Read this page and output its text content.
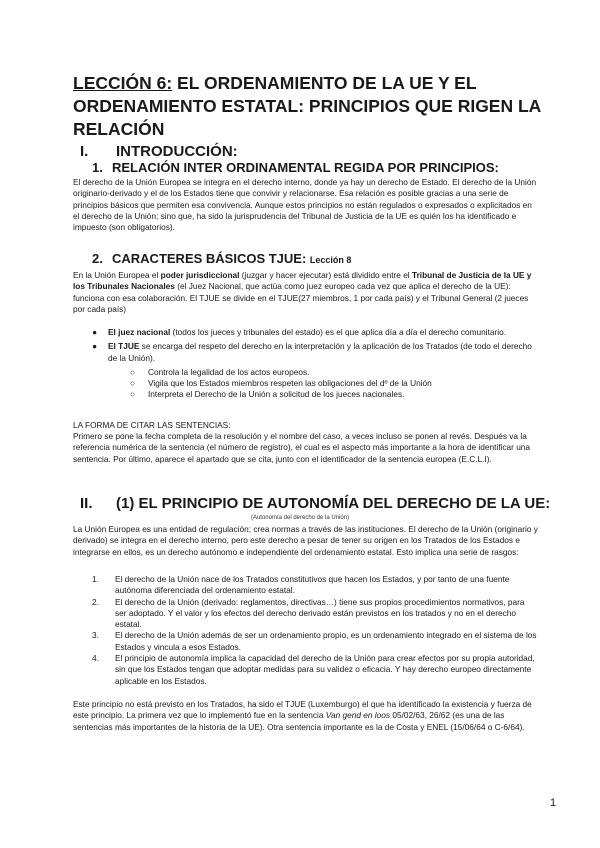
LECCIÓN 6: EL ORDENAMIENTO DE LA UE Y EL ORDENAMIENTO ESTATAL: PRINCIPIOS QUE RIGEN LA RELACIÓN
I. INTRODUCCIÓN:
1. RELACIÓN INTER ORDINAMENTAL REGIDA POR PRINCIPIOS:

El derecho de la Unión Europea se integra en el derecho interno, donde ya hay un derecho de Estado. El derecho de la Unión originario-derivado y el de los Estados tiene que convivir y relacionarse. Esa relación es posible gracias a una serie de principios básicos que permiten esa convivencia. Aunque estos principios no están regulados o expresados o explicitados en el derecho de la Unión; sino que, ha sido la jurisprudencia del Tribunal de Justicia de la UE es quién los ha identificado e impuesto (son obligatorios).

2. CARACTERES BÁSICOS TJUE: Lección 8

En la Unión Europea el poder jurisdiccional (juzgar y hacer ejecutar) está dividido entre el Tribunal de Justicia de la UE y los Tribunales Nacionales (el Juez Nacional, que actúa como juez europeo cada vez que aplica el derecho de la UE): funciona con esa colaboración. El TJUE se divide en el TJUE(27 miembros, 1 por cada país) y el Tribunal General (2 jueces por cada país)

● El juez nacional (todos los jueces y tribunales del estado) es el que aplica día a día el derecho comunitario.
● El TJUE se encarga del respeto del derecho en la interpretación y la aplicación de los Tratados (de todo el derecho de la Unión).
○ Controla la legalidad de los actos europeos.
○ Vigila que los Estados miembros respeten las obligaciones del dº de la Unión
○ Interpreta el Derecho de la Unión a solicitud de los jueces nacionales.

LA FORMA DE CITAR LAS SENTENCIAS:

Primero se pone la fecha completa de la resolución y el nombre del caso, a veces incluso se ponen al revés. Después va la referencia numérica de la sentencia (el número de registro), el cual es el aspecto más importante a la hora de identificar una sentencia. Por último, aparece el apartado que se cita, junto con el identificador de la sentencia europea (E.C.L.I).

II. (1) EL PRINCIPIO DE AUTONOMÍA DEL DERECHO DE LA UE:

(Autonomía del derecho de la Unión)

La Unión Europea es una entidad de regulación; crea normas a través de las instituciones. El derecho de la Unión (originario y derivado) se integra en el derecho interno, pero este derecho a pesar de tener su origen en los Tratados de los Estados e integrarse en ellos, es un derecho autónomo e independiente del ordenamiento estatal. Esto implica una serie de rasgos:

1. El derecho de la Unión nace de los Tratados constitutivos que hacen los Estados, y por tanto de una fuente autónoma diferenciada del ordenamiento estatal.
2. El derecho de la Unión (derivado: reglamentos, directivas…) tiene sus propios procedimientos normativos, para ser adoptado. Y el valor y los efectos del derecho derivado están previstos en los tratados y no en el derecho estatal.
3. El derecho de la Unión además de ser un ordenamiento propio, es un ordenamiento integrado en el sistema de los Estados y vincula a esos Estados.
4. El principio de autonomía implica la capacidad del derecho de la Unión para crear efectos por su propia autoridad, sin que los Estados tengan que adoptar medidas para su validez o eficacia. Y hay derecho europeo directamente aplicable en los Estados.

Este principio no está previsto en los Tratados, ha sido el TJUE (Luxemburgo) el que ha identificado la existencia y fuerza de este principio. La primera vez que lo implementó fue en la sentencia Van gend en loos 05/02/63, 26/62 (es una de las sentencias más importantes de la historia de la UE). Otra sentencia importante es la de Costa y ENEL (15/06/64 o C-6/64).

1
